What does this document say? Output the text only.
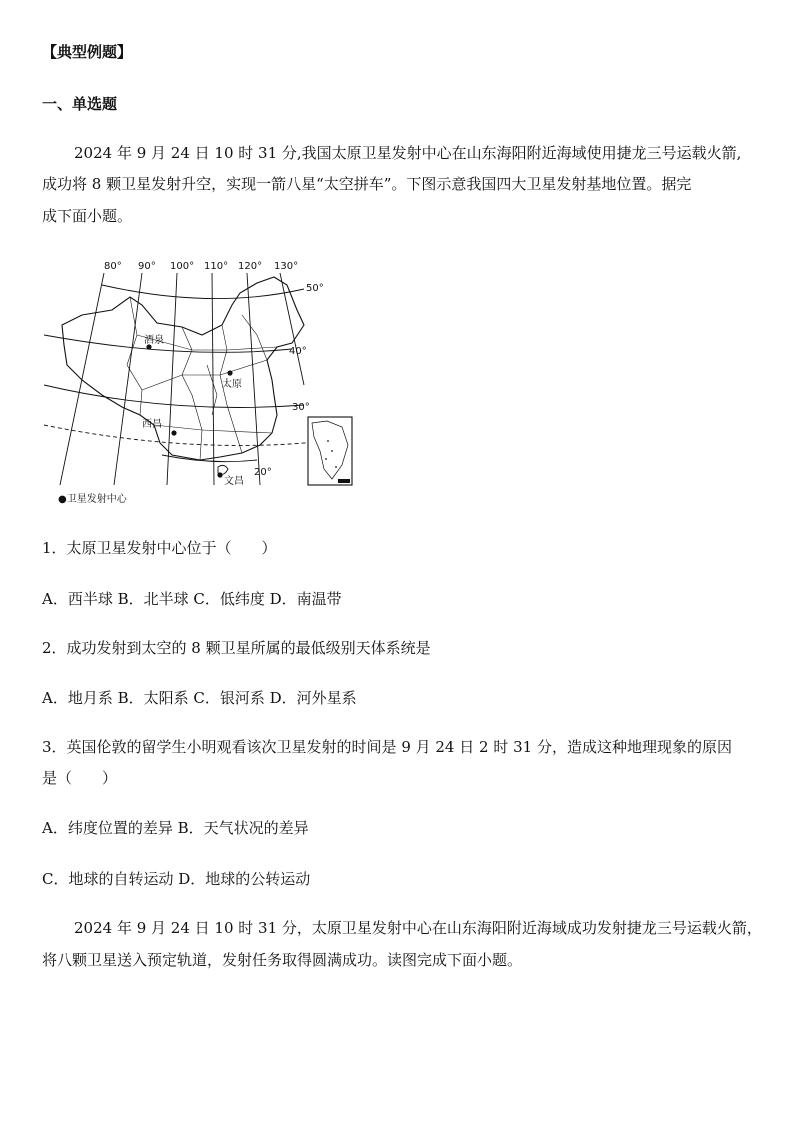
【典型例题】
一、单选题
2024 年 9 月 24 日 10 时 31 分,我国太原卫星发射中心在山东海阳附近海域使用捷龙三号运载火箭,
成功将 8 颗卫星发射升空，实现一箭八星“太空拼车”。下图示意我国四大卫星发射基地位置。据完
成下面小题。
80° 90° 100° 110° 120° 130°
50°
40°
30°
20°
酒泉
太原
西昌
文昌
●卫星发射中心
1．太原卫星发射中心位于（　　）
A．西半球 B．北半球 C．低纬度 D．南温带
2．成功发射到太空的 8 颗卫星所属的最低级别天体系统是
A．地月系 B．太阳系 C．银河系 D．河外星系
3．英国伦敦的留学生小明观看该次卫星发射的时间是 9 月 24 日 2 时 31 分，造成这种地理现象的原因
是（　　）
A．纬度位置的差异 B．天气状况的差异
C．地球的自转运动 D．地球的公转运动
2024 年 9 月 24 日 10 时 31 分，太原卫星发射中心在山东海阳附近海域成功发射捷龙三号运载火箭，
将八颗卫星送入预定轨道，发射任务取得圆满成功。读图完成下面小题。
